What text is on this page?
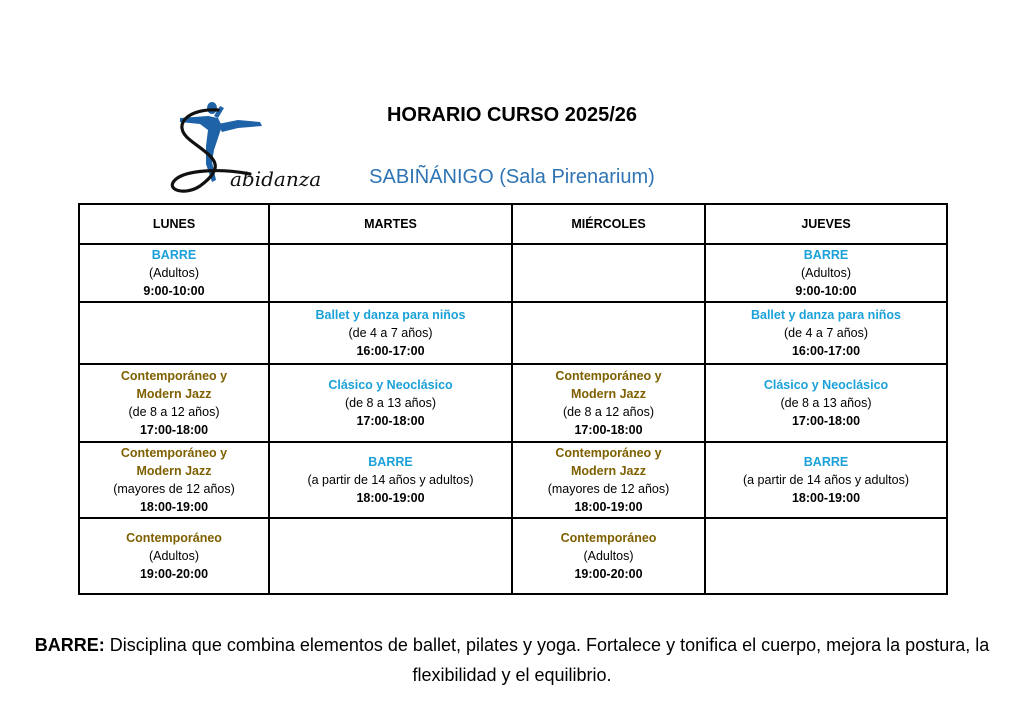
abidanza
HORARIO CURSO 2025/26
SABIÑÁNIGO (Sala Pirenarium)
LUNES	MARTES	MIÉRCOLES	JUEVES

BARRE
(Adultos)
9:00-10:00			BARRE
(Adultos)
9:00-10:00

	Ballet y danza para niños
(de 4 a 7 años)
16:00-17:00		Ballet y danza para niños
(de 4 a 7 años)
16:00-17:00

Contemporáneo y Modern Jazz
(de 8 a 12 años)
17:00-18:00	Clásico y Neoclásico
(de 8 a 13 años)
17:00-18:00	Contemporáneo y Modern Jazz
(de 8 a 12 años)
17:00-18:00	Clásico y Neoclásico
(de 8 a 13 años)
17:00-18:00

Contemporáneo y Modern Jazz
(mayores de 12 años)
18:00-19:00	BARRE
(a partir de 14 años y adultos)
18:00-19:00	Contemporáneo y Modern Jazz
(mayores de 12 años)
18:00-19:00	BARRE
(a partir de 14 años y adultos)
18:00-19:00

Contemporáneo
(Adultos)
19:00-20:00		Contemporáneo
(Adultos)
19:00-20:00	

BARRE: Disciplina que combina elementos de ballet, pilates y yoga. Fortalece y tonifica el cuerpo, mejora la postura, la flexibilidad y el equilibrio.
